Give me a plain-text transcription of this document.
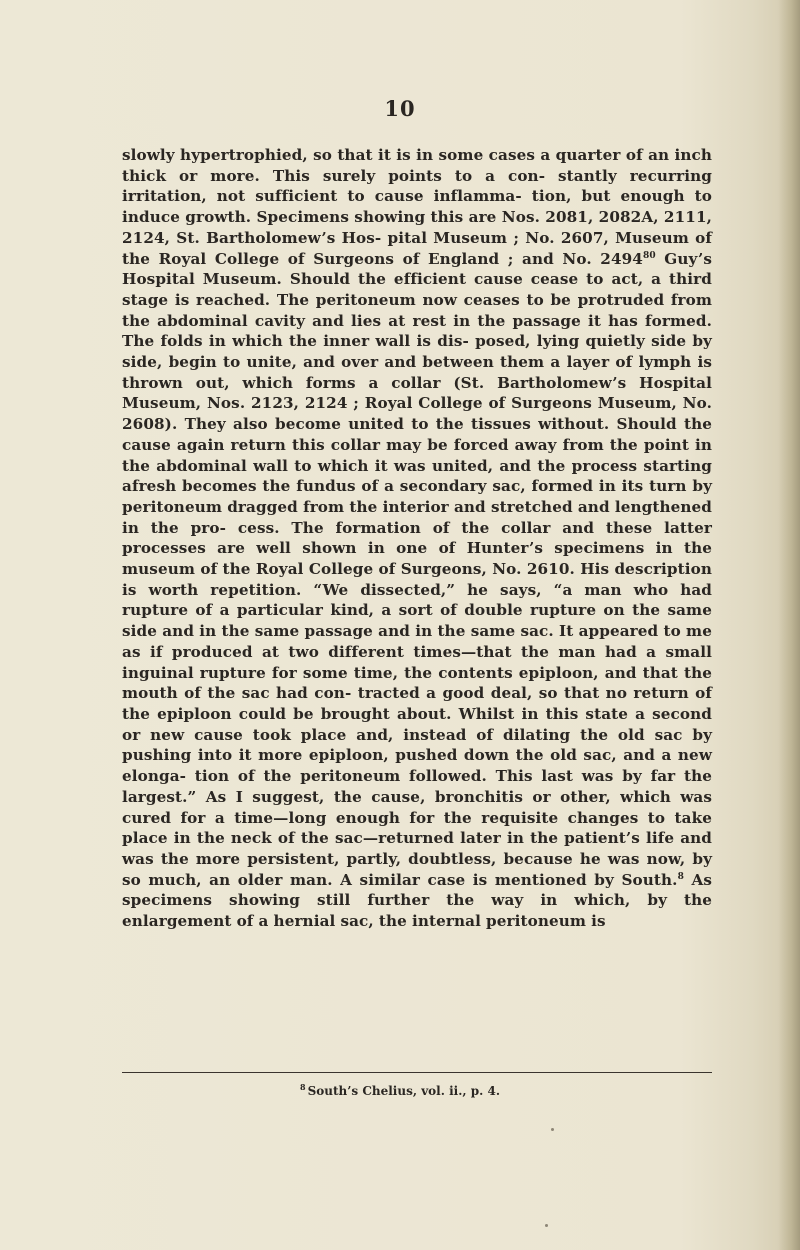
10

slowly hypertrophied, so that it is in some cases a quarter of an inch thick or more. This surely points to a con- stantly recurring irritation, not sufficient to cause inflamma- tion, but enough to induce growth. Specimens showing this are Nos. 2081, 2082A, 2111, 2124, St. Bartholomew’s Hos- pital Museum ; No. 2607, Museum of the Royal College of Surgeons of England ; and No. 2494$^{80}$ Guy’s Hospital Museum. Should the efficient cause cease to act, a third stage is reached. The peritoneum now ceases to be protruded from the abdominal cavity and lies at rest in the passage it has formed. The folds in which the inner wall is dis- posed, lying quietly side by side, begin to unite, and over and between them a layer of lymph is thrown out, which forms a collar (St. Bartholomew’s Hospital Museum, Nos. 2123, 2124 ; Royal College of Surgeons Museum, No. 2608). They also become united to the tissues without. Should the cause again return this collar may be forced away from the point in the abdominal wall to which it was united, and the process starting afresh becomes the fundus of a secondary sac, formed in its turn by peritoneum dragged from the interior and stretched and lengthened in the pro- cess. The formation of the collar and these latter processes are well shown in one of Hunter’s specimens in the museum of the Royal College of Surgeons, No. 2610. His description is worth repetition. “We dissected,” he says, “a man who had rupture of a particular kind, a sort of double rupture on the same side and in the same passage and in the same sac. It appeared to me as if produced at two different times—that the man had a small inguinal rupture for some time, the contents epiploon, and that the mouth of the sac had con- tracted a good deal, so that no return of the epiploon could be brought about. Whilst in this state a second or new cause took place and, instead of dilating the old sac by pushing into it more epiploon, pushed down the old sac, and a new elonga- tion of the peritoneum followed. This last was by far the largest.” As I suggest, the cause, bronchitis or other, which was cured for a time—long enough for the requisite changes to take place in the neck of the sac—returned later in the patient’s life and was the more persistent, partly, doubtless, because he was now, by so much, an older man. A similar case is mentioned by South.$^8$ As specimens showing still further the way in which, by the enlargement of a hernial sac, the internal peritoneum is

$^8$ South’s Chelius, vol. ii., p. 4.
